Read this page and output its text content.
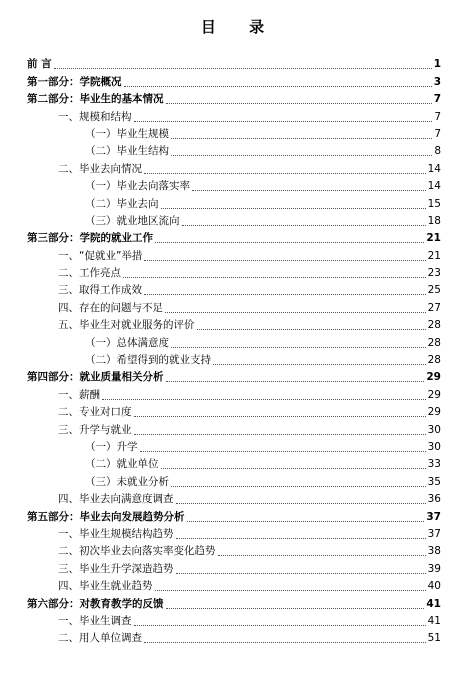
目 录
前 言	1
第一部分：学院概况	3
第二部分：毕业生的基本情况	7
一、规模和结构	7
（一）毕业生规模	7
（二）毕业生结构	8
二、毕业去向情况	14
（一）毕业去向落实率	14
（二）毕业去向	15
（三）就业地区流向	18
第三部分：学院的就业工作	21
一、“促就业”举措	21
二、工作亮点	23
三、取得工作成效	25
四、存在的问题与不足	27
五、毕业生对就业服务的评价	28
（一）总体满意度	28
（二）希望得到的就业支持	28
第四部分：就业质量相关分析	29
一、薪酬	29
二、专业对口度	29
三、升学与就业	30
（一）升学	30
（二）就业单位	33
（三）未就业分析	35
四、毕业去向满意度调查	36
第五部分：毕业去向发展趋势分析	37
一、毕业生规模结构趋势	37
二、初次毕业去向落实率变化趋势	38
三、毕业生升学深造趋势	39
四、毕业生就业趋势	40
第六部分：对教育教学的反馈	41
一、毕业生调查	41
二、用人单位调查	51
